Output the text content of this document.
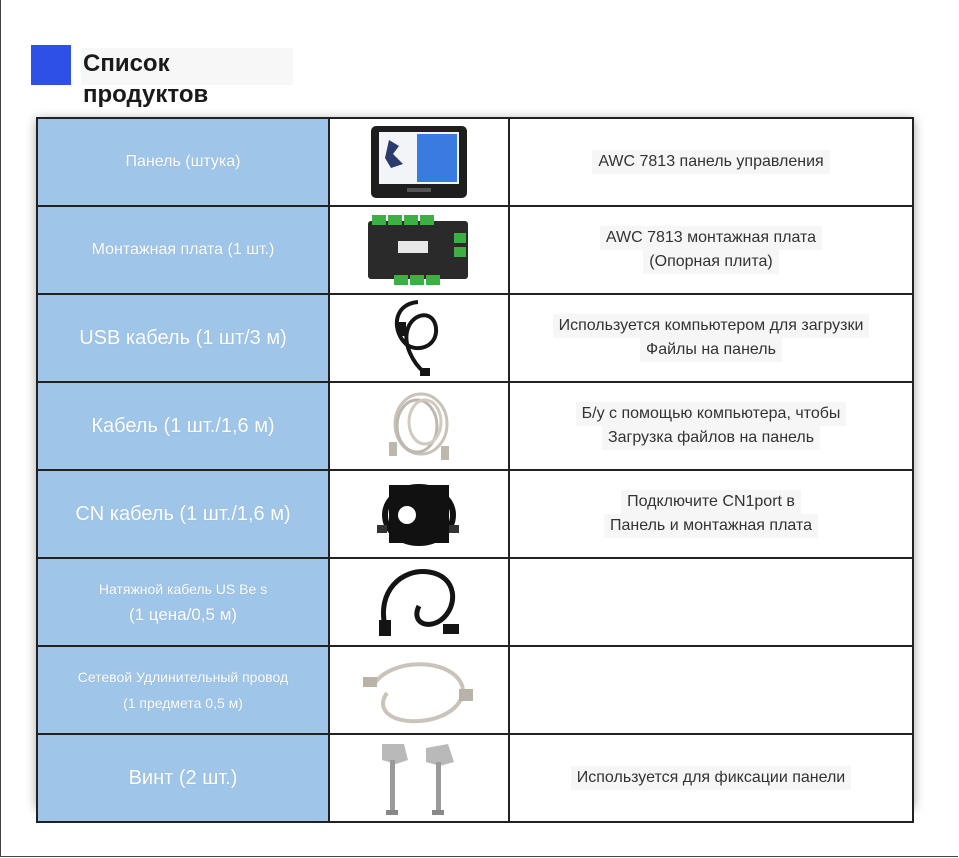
Список продуктов
Панель (штука)		AWC 7813 панель управления

Монтажная плата (1 шт.)		AWC 7813 монтажная плата
(Опорная плита)

USB кабель (1 шт/3 м)		Используется компьютером для загрузки
Файлы на панель

Кабель (1 шт./1,6 м)		Б/у с помощью компьютера, чтобы
Загрузка файлов на панель

CN кабель (1 шт./1,6 м)		Подключите CN1port в
Панель и монтажная плата

Натяжной кабель US Be s
(1 цена/0,5 м)

Сетевой Удлинительный провод
(1 предмета 0,5 м)

Винт (2 шт.)		Используется для фиксации панели
